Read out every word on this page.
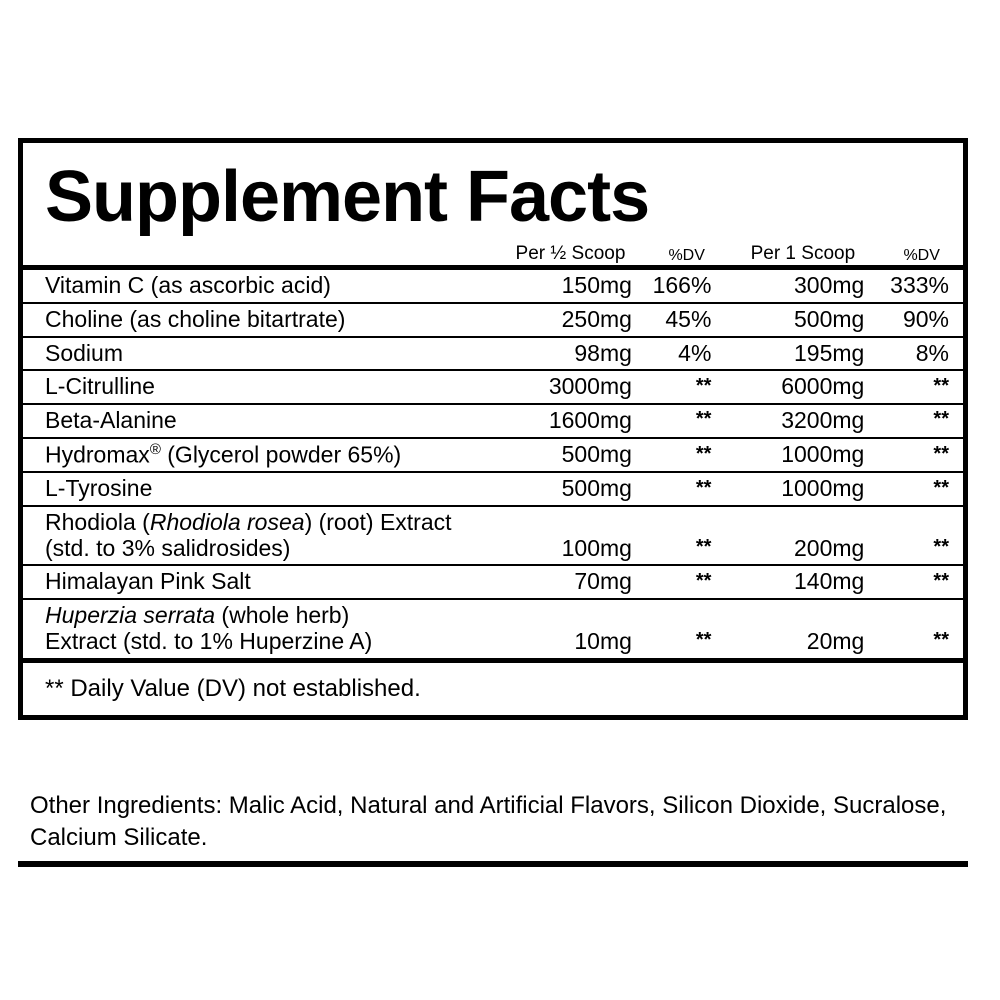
Supplement Facts
	Per ½ Scoop	%DV	Per 1 Scoop	%DV

Vitamin C (as ascorbic acid)	150mg	166%	300mg	333%
Choline (as choline bitartrate)	250mg	45%	500mg	90%
Sodium	98mg	4%	195mg	8%
L-Citrulline	3000mg	**	6000mg	**
Beta-Alanine	1600mg	**	3200mg	**
Hydromax® (Glycerol powder 65%)	500mg	**	1000mg	**
L-Tyrosine	500mg	**	1000mg	**
Rhodiola (Rhodiola rosea) (root) Extract
(std. to 3% salidrosides)	100mg	**	200mg	**
Himalayan Pink Salt	70mg	**	140mg	**
Huperzia serrata (whole herb)
Extract (std. to 1% Huperzine A)	10mg	**	20mg	**
** Daily Value (DV) not established.
Other Ingredients: Malic Acid, Natural and Artificial Flavors, Silicon Dioxide, Sucralose, Calcium Silicate.
